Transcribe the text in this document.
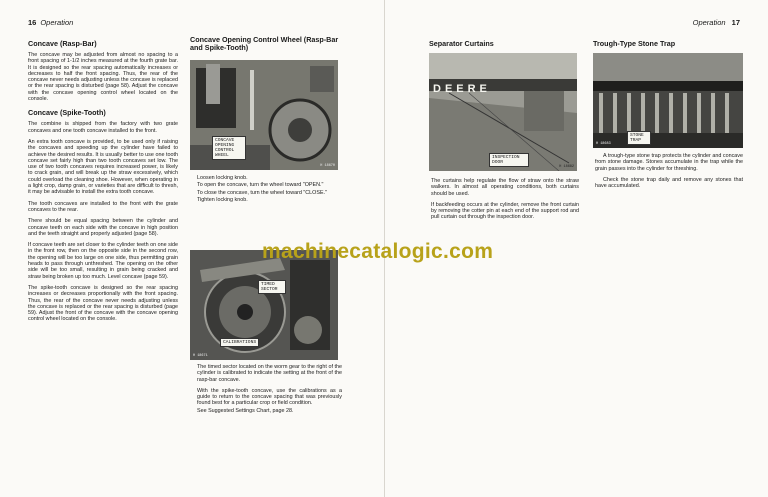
16 Operation
Concave (Rasp-Bar)

The concave may be adjusted from almost no spacing to a front spacing of 1-1/2 inches measured at the fourth grate bar. It is designed so the rear spacing automatically increases or decreases to half the front spacing. Thus, the rear of the concave never needs adjusting unless the concave is replaced or the rear spacing is disturbed (page 58). Adjust the concave with the concave opening control wheel located on the console.

Concave (Spike-Tooth)

The combine is shipped from the factory with two grate concaves and one tooth concave installed to the front.

An extra tooth concave is provided, to be used only if raising the concaves and speeding up the cylinder have failed to achieve the desired results. It is usually better to use one tooth concave set fairly high than two tooth concaves set low. The use of two tooth concaves requires increased power, is likely to crack grain, and will break up the straw excessively, which could overload the cleaning shoe. However, when operating in a light crop, damp grain, or varieties that are difficult to thresh, it may be advisable to install the extra tooth concave.

The tooth concaves are installed to the front with the grate concaves to the rear.

There should be equal spacing between the cylinder and concave teeth on each side with the concave in high position and the teeth straight and properly adjusted (page 58).

If concave teeth are set closer to the cylinder teeth on one side in the front row, then on the opposite side in the second row, the opening will be too large on one side, thus permitting grain heads to pass through unthreshed. The opening on the other side will be too small, resulting in grain being cracked and straw being broken up too much. Level concave (page 59).

The spike-tooth concave is designed so the rear spacing increases or decreases proportionally with the front spacing. Thus, the rear of the concave never needs adjusting unless the concave is replaced or the rear spacing is disturbed (page 59). Adjust the front of the concave with the concave opening control wheel located on the console.

Concave Opening Control Wheel (Rasp-Bar and Spike-Tooth)
CONCAVE OPENING CONTROL WHEEL
H 18670

Loosen locking knob.

To open the concave, turn the wheel toward "OPEN."

To close the concave, turn the wheel toward "CLOSE."

Tighten locking knob.

TIMED SECTOR
CALIBRATIONS
H 18671

The timed sector located on the worm gear to the right of the cylinder is calibrated to indicate the setting at the front of the rasp-bar concave.

With the spike-tooth concave, use the calibrations as a guide to return to the concave spacing that was previously found best for a particular crop or field condition.

See Suggested Settings Chart, page 28.

Operation 17
Separator Curtains
DEERE
INSPECTION DOOR
H 18682

The curtains help regulate the flow of straw onto the straw walkers. In almost all operating conditions, both curtains should be used.

If backfeeding occurs at the cylinder, remove the front curtain by removing the cotter pin at each end of the support rod and pull curtain out through the inspection door.

Trough-Type Stone Trap
STONE TRAP
H 18683

A trough-type stone trap protects the cylinder and concave from stone damage. Stones accumulate in the trap while the grain passes into the cylinder for threshing.

Check the stone trap daily and remove any stones that have accumulated.

machinecatalogic.com
